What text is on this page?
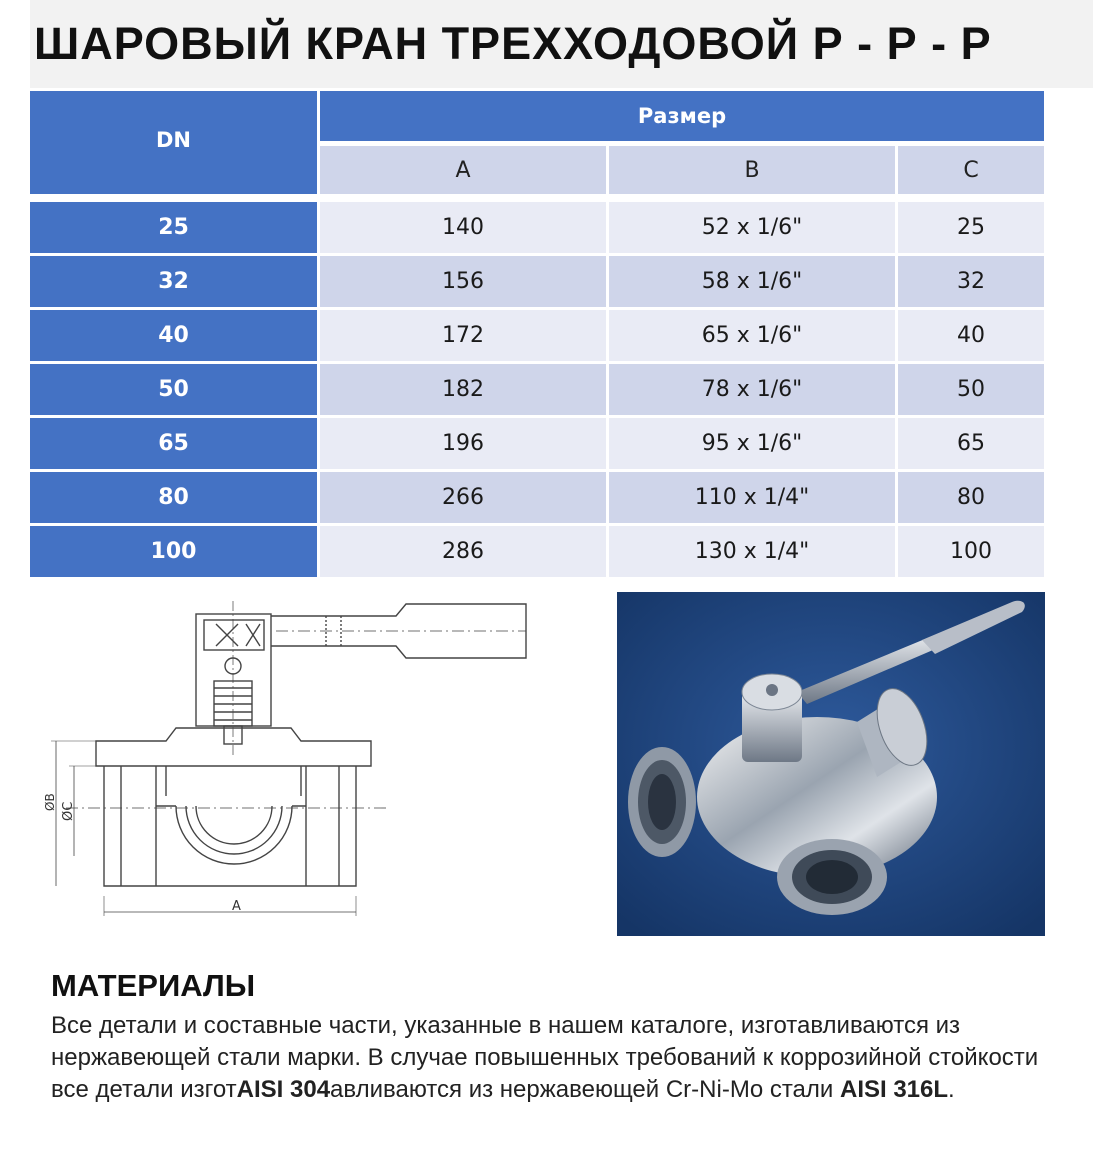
ШАРОВЫЙ КРАН ТРЕХХОДОВОЙ Р - Р - Р
DN
Размер
A	B	C
25	140	52 x 1/6"	25
32	156	58 x 1/6"	32
40	172	65 x 1/6"	40
50	182	78 x 1/6"	50
65	196	95 x 1/6"	65
80	266	110 x 1/4"	80
100	286	130 x 1/4"	100
ØB ØC
A
МАТЕРИАЛЫ
Все детали и составные части, указанные в нашем каталоге, изготавливаются из нержавеющей стали марки. В случае повышенных требований к коррозийной стойкости все детали изготAISI 304авливаются из нержавеющей Cr-Ni-Mo стали AISI 316L.
